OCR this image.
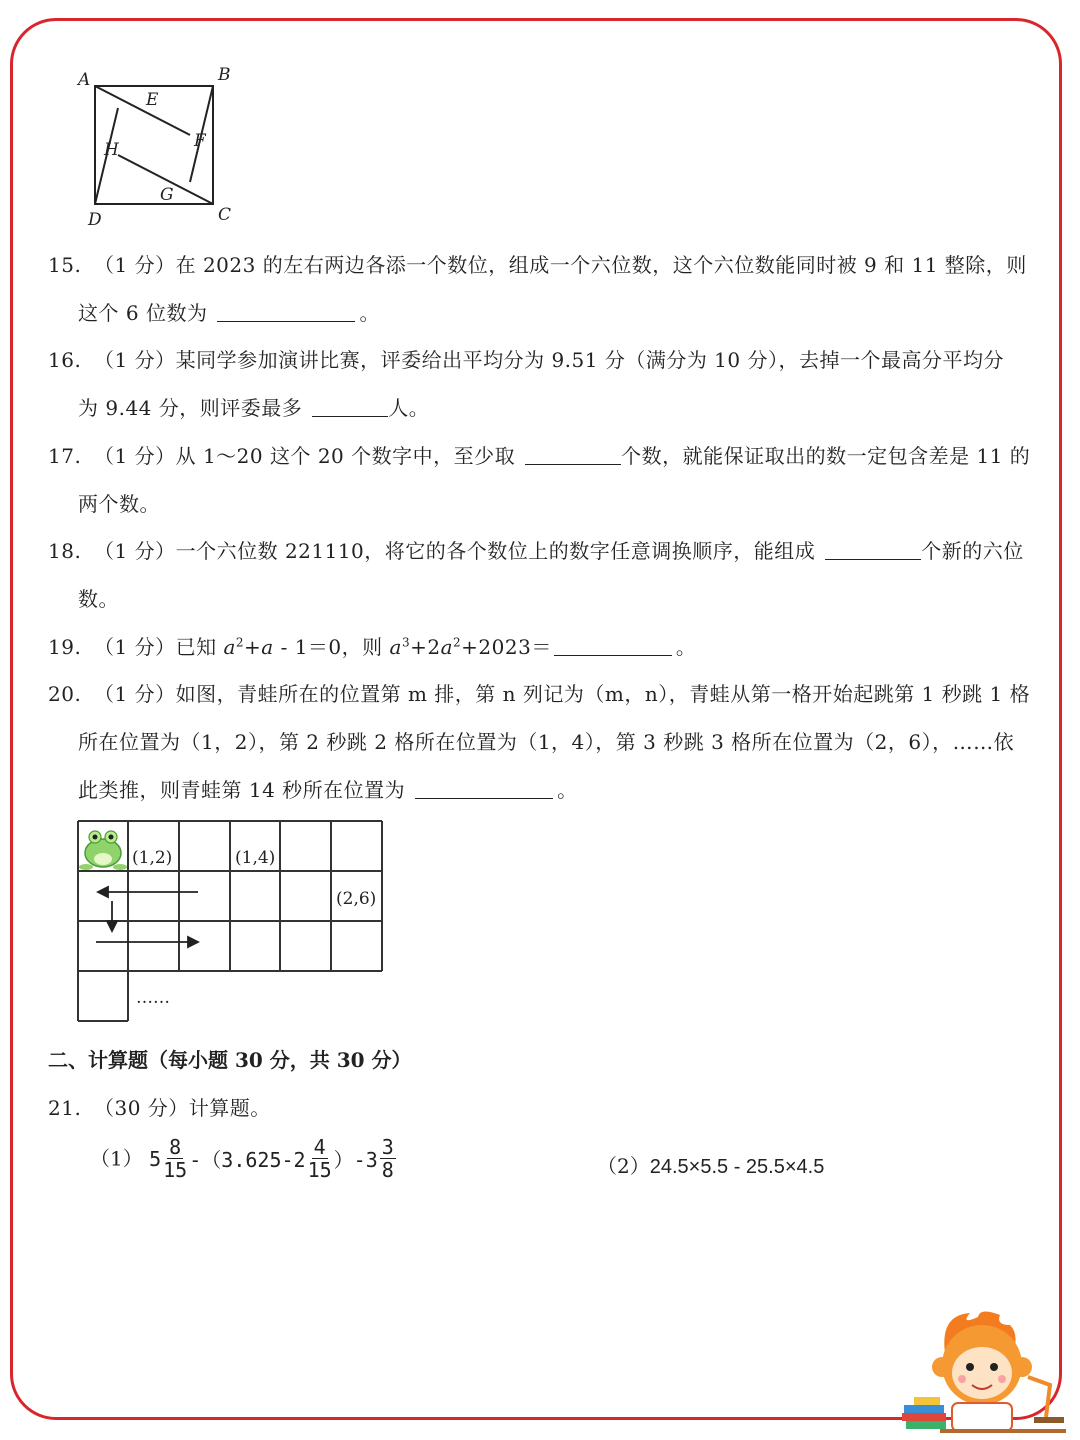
A	B
C
D
E
F
G
H
15. （1 分）在 2023 的左右两边各添一个数位，组成一个六位数，这个六位数能同时被 9 和 11 整除，则
这个 6 位数为	。
16. （1 分）某同学参加演讲比赛，评委给出平均分为 9.51 分（满分为 10 分），去掉一个最高分平均分
为 9.44 分，则评委最多	人。
17. （1 分）从 1～20 这个 20 个数字中，至少取	个数，就能保证取出的数一定包含差是 11 的
两个数。
18. （1 分）一个六位数 221110，将它的各个数位上的数字任意调换顺序，能组成	个新的六位
数。
19. （1 分）已知 $a^2+a - 1=0$，则 $a^3+2a^2+2023=$	。
20. （1 分）如图，青蛙所在的位置第 m 排，第 n 列记为（m，n），青蛙从第一格开始起跳第 1 秒跳 1 格
所在位置为（1，2），第 2 秒跳 2 格所在位置为（1，4），第 3 秒跳 3 格所在位置为（2，6），……依
此类推，则青蛙第 14 秒所在位置为	。
(1,2)	(1,4)
(2,6)
……
二、计算题（每小题 30 分，共 30 分）
21. （30 分）计算题。
（1） $5 \frac{8}{15} -(3.625-2 \frac{4}{15} )-3 \frac{3}{8}$	（2）24.5×5.5 - 25.5×4.5
